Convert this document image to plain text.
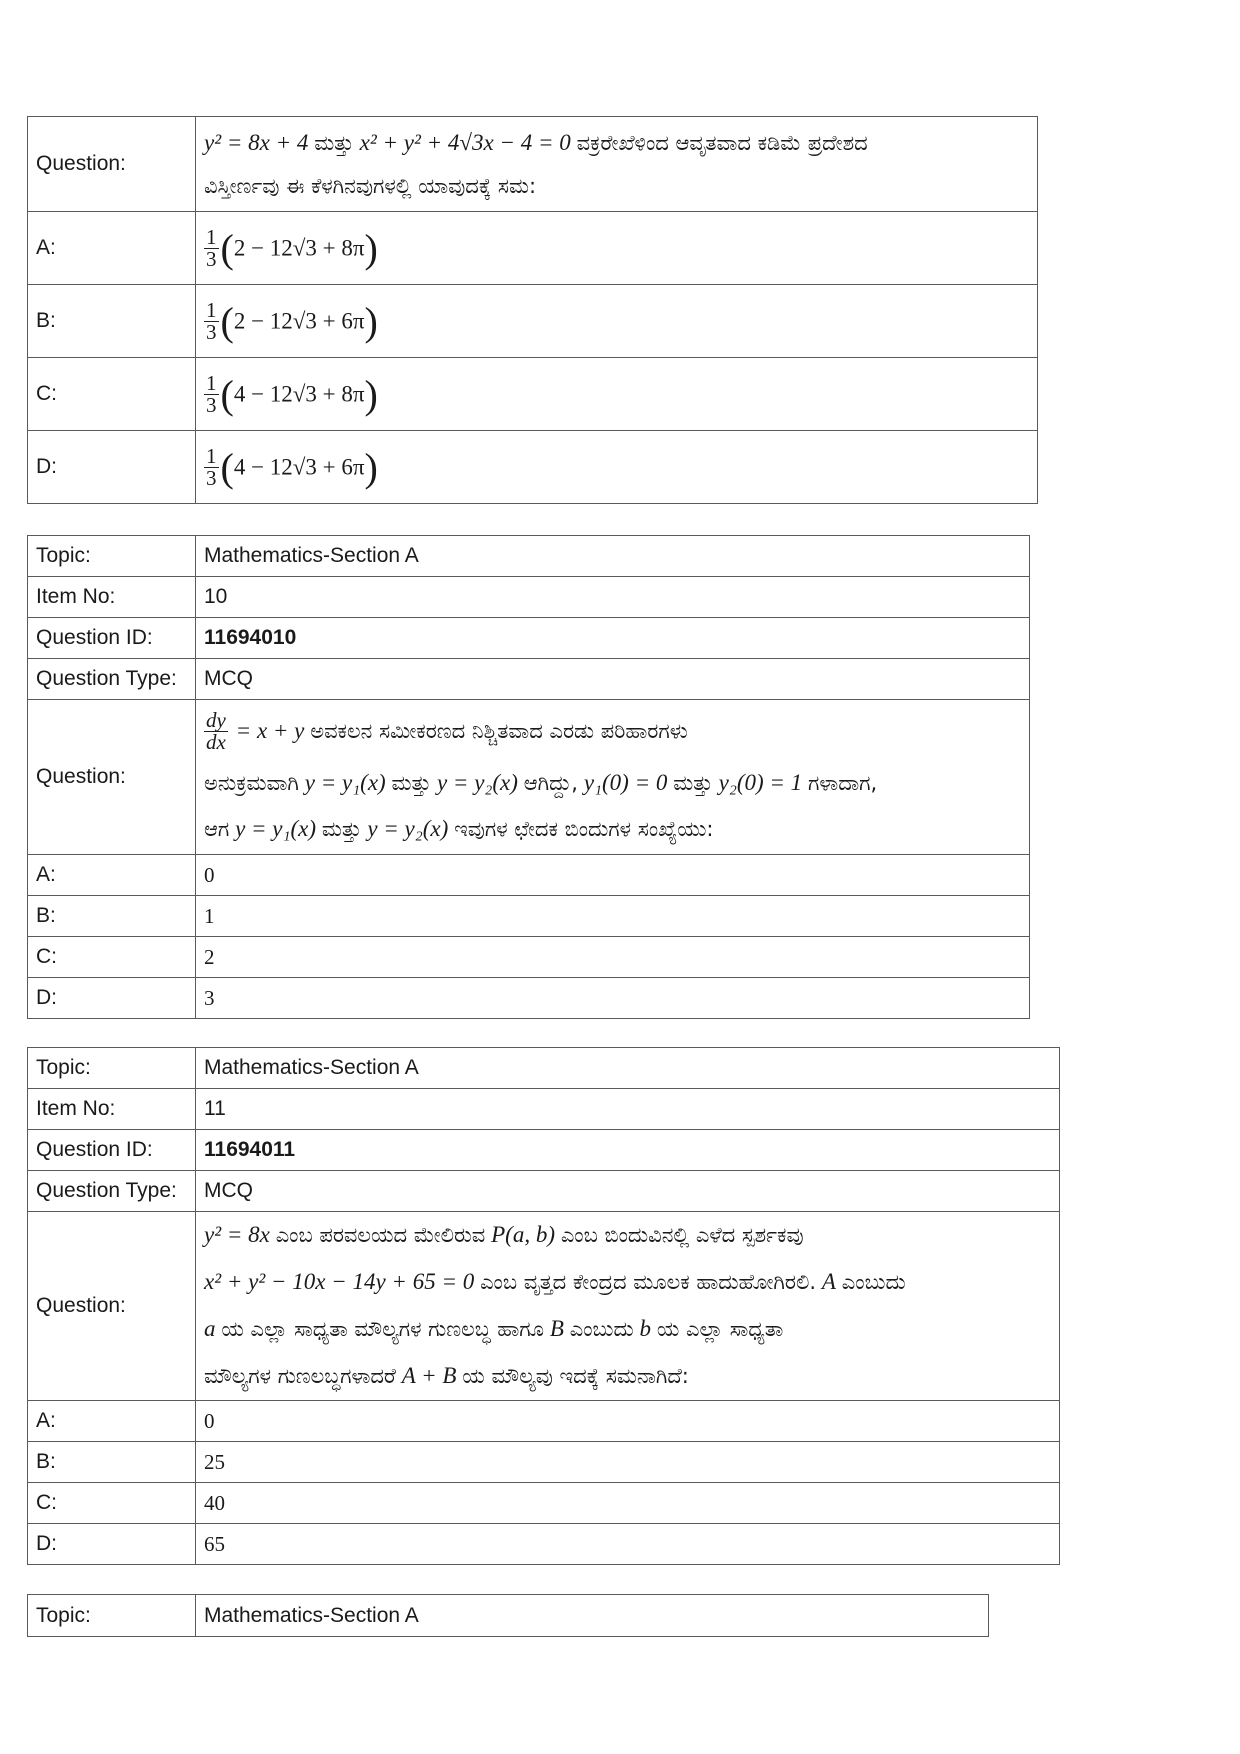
Question:	y² = 8x + 4 ಮತ್ತು x² + y² + 4√3x − 4 = 0 ವಕ್ರರೇಖೆಳಿಂದ ಆವೃತವಾದ ಕಡಿಮೆ ಪ್ರದೇಶದ
ವಿಸ್ತೀರ್ಣವು ಈ ಕೆಳಗಿನವುಗಳಲ್ಲಿ ಯಾವುದಕ್ಕೆ ಸಮ:

A:	$\frac{1}{3} (2 - 12√3 + 8\pi)$
B:	$\frac{1}{3} (2 - 12√3 + 6\pi)$
C:	$\frac{1}{3} (4 - 12√3 + 8\pi)$
D:	$\frac{1}{3} (4 - 12√3 + 6\pi)$
Topic:	Mathematics-Section A
Item No:	10
Question ID:	11694010
Question Type:	MCQ
Question:	$\frac{dy}{dx} = x + y$ ಅವಕಲನ ಸಮೀಕರಣದ ನಿಶ್ಚಿತವಾದ ಎರಡು ಪರಿಹಾರಗಳು
ಅನುಕ್ರಮವಾಗಿ y = y₁(x) ಮತ್ತು y = y₂(x) ಆಗಿದ್ದು, y₁(0) = 0 ಮತ್ತು y₂(0) = 1 ಗಳಾದಾಗ,
ಆಗ y = y₁(x) ಮತ್ತು y = y₂(x) ಇವುಗಳ ಛೇದಕ ಬಿಂದುಗಳ ಸಂಖ್ಯೆಯು:

A:	0
B:	1
C:	2
D:	3
Topic:	Mathematics-Section A
Item No:	11
Question ID:	11694011
Question Type:	MCQ
Question:	y² = 8x ಎಂಬ ಪರವಲಯದ ಮೇಲಿರುವ P(a, b) ಎಂಬ ಬಿಂದುವಿನಲ್ಲಿ ಎಳೆದ ಸ್ಪರ್ಶಕವು
x² + y² − 10x − 14y + 65 = 0 ಎಂಬ ವೃತ್ತದ ಕೇಂದ್ರದ ಮೂಲಕ ಹಾದುಹೋಗಿರಲಿ. A ಎಂಬುದು
a ಯ ಎಲ್ಲಾ ಸಾಧ್ಯತಾ ಮೌಲ್ಯಗಳ ಗುಣಲಬ್ಧ ಹಾಗೂ B ಎಂಬುದು b ಯ ಎಲ್ಲಾ ಸಾಧ್ಯತಾ
ಮೌಲ್ಯಗಳ ಗುಣಲಬ್ಧಗಳಾದರೆ A + B ಯ ಮೌಲ್ಯವು ಇದಕ್ಕೆ ಸಮನಾಗಿದೆ:

A:	0
B:	25
C:	40
D:	65
Topic:	Mathematics-Section A
